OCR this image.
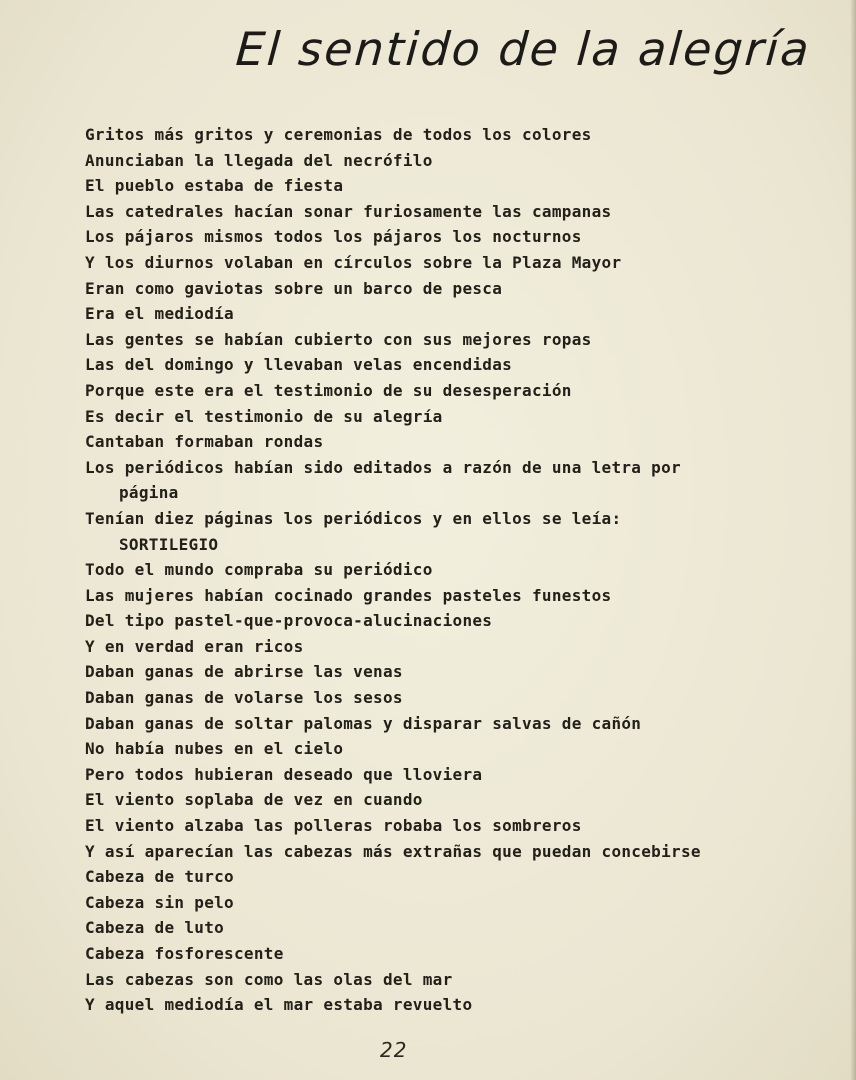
El sentido de la alegría
Gritos más gritos y ceremonias de todos los colores
Anunciaban la llegada del necrófilo
El pueblo estaba de fiesta
Las catedrales hacían sonar furiosamente las campanas
Los pájaros mismos todos los pájaros los nocturnos
Y los diurnos volaban en círculos sobre la Plaza Mayor
Eran como gaviotas sobre un barco de pesca
Era el mediodía
Las gentes se habían cubierto con sus mejores ropas
Las del domingo y llevaban velas encendidas
Porque este era el testimonio de su desesperación
Es decir el testimonio de su alegría
Cantaban formaban rondas
Los periódicos habían sido editados a razón de una letra por
página
Tenían diez páginas los periódicos y en ellos se leía:
SORTILEGIO
Todo el mundo compraba su periódico
Las mujeres habían cocinado grandes pasteles funestos
Del tipo pastel-que-provoca-alucinaciones
Y en verdad eran ricos
Daban ganas de abrirse las venas
Daban ganas de volarse los sesos
Daban ganas de soltar palomas y disparar salvas de cañón
No había nubes en el cielo
Pero todos hubieran deseado que lloviera
El viento soplaba de vez en cuando
El viento alzaba las polleras robaba los sombreros
Y así aparecían las cabezas más extrañas que puedan concebirse
Cabeza de turco
Cabeza sin pelo
Cabeza de luto
Cabeza fosforescente
Las cabezas son como las olas del mar
Y aquel mediodía el mar estaba revuelto
22
